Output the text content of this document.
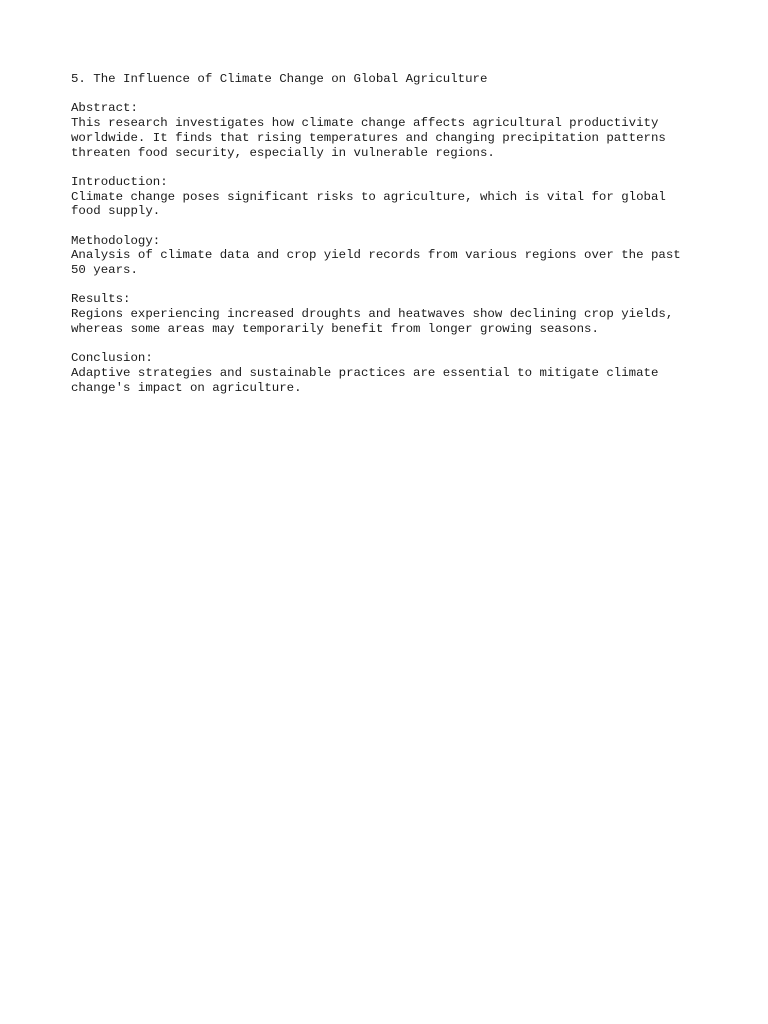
5. The Influence of Climate Change on Global Agriculture
Abstract:
This research investigates how climate change affects agricultural productivity
worldwide. It finds that rising temperatures and changing precipitation patterns
threaten food security, especially in vulnerable regions.
Introduction:
Climate change poses significant risks to agriculture, which is vital for global
food supply.
Methodology:
Analysis of climate data and crop yield records from various regions over the past
50 years.
Results:
Regions experiencing increased droughts and heatwaves show declining crop yields,
whereas some areas may temporarily benefit from longer growing seasons.
Conclusion:
Adaptive strategies and sustainable practices are essential to mitigate climate
change's impact on agriculture.
